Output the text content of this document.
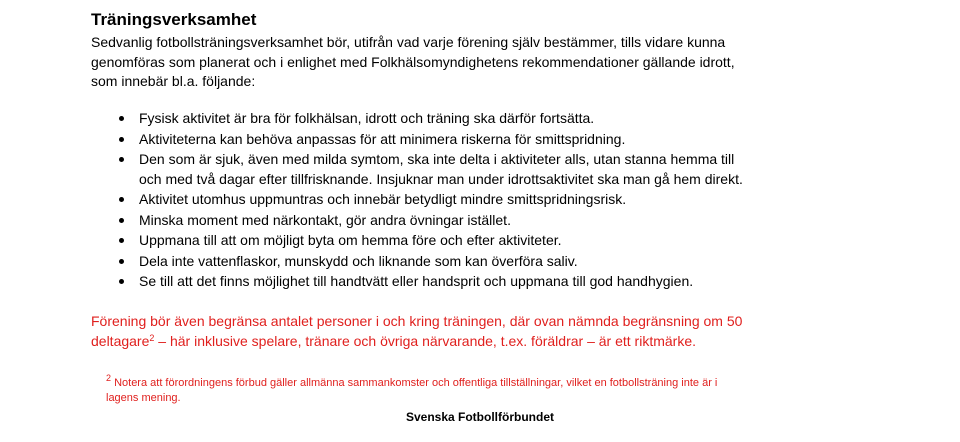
Träningsverksamhet
Sedvanlig fotbollsträningsverksamhet bör, utifrån vad varje förening själv bestämmer, tills vidare kunna
genomföras som planerat och i enlighet med Folkhälsomyndighetens rekommendationer gällande idrott,
som innebär bl.a. följande:
Fysisk aktivitet är bra för folkhälsan, idrott och träning ska därför fortsätta.
Aktiviteterna kan behöva anpassas för att minimera riskerna för smittspridning.
Den som är sjuk, även med milda symtom, ska inte delta i aktiviteter alls, utan stanna hemma till
och med två dagar efter tillfrisknande. Insjuknar man under idrottsaktivitet ska man gå hem direkt.
Aktivitet utomhus uppmuntras och innebär betydligt mindre smittspridningsrisk.
Minska moment med närkontakt, gör andra övningar istället.
Uppmana till att om möjligt byta om hemma före och efter aktiviteter.
Dela inte vattenflaskor, munskydd och liknande som kan överföra saliv.
Se till att det finns möjlighet till handtvätt eller handsprit och uppmana till god handhygien.
Förening bör även begränsa antalet personer i och kring träningen, där ovan nämnda begränsning om 50
deltagare$^2$ – här inklusive spelare, tränare och övriga närvarande, t.ex. föräldrar – är ett riktmärke.
$^2$ Notera att förordningens förbud gäller allmänna sammankomster och offentliga tillställningar, vilket en fotbollsträning inte är i
lagens mening.
Svenska Fotbollförbundet
